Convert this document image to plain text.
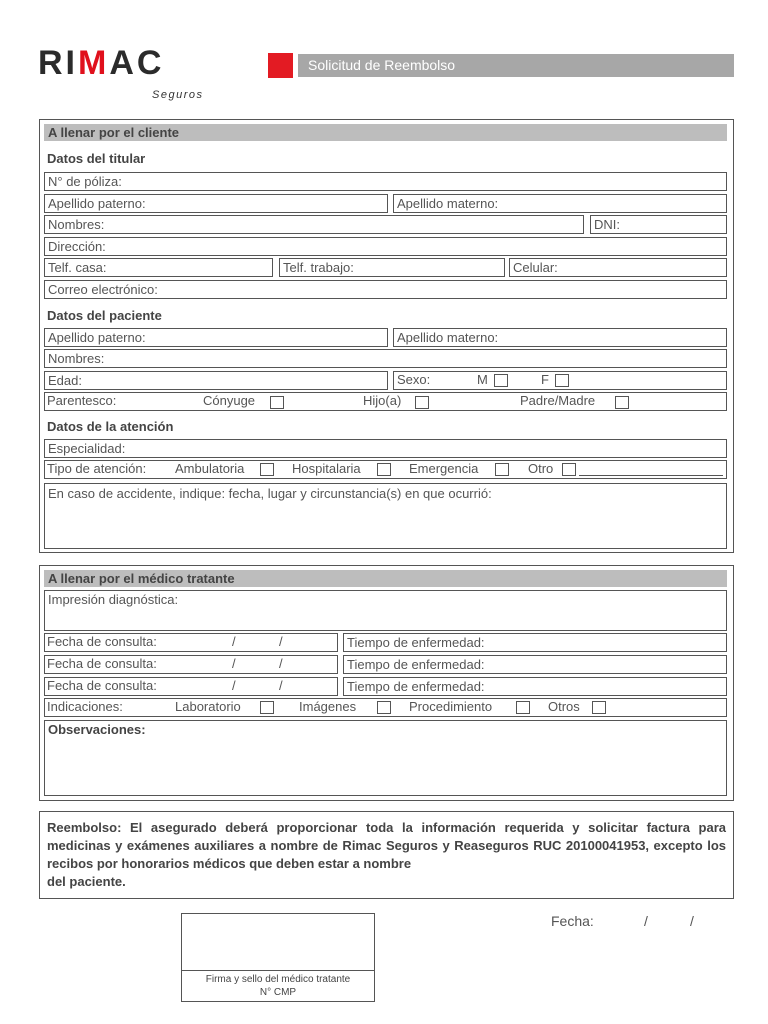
RIMAC
Seguros
Solicitud de Reembolso
A llenar por el cliente
Datos del titular
N° de póliza:
Apellido paterno:	Apellido materno:
Nombres:	DNI:
Dirección:
Telf. casa:	Telf. trabajo:	Celular:
Correo electrónico:
Datos del paciente
Apellido paterno:	Apellido materno:
Nombres:
Edad:	Sexo:	M	F
Parentesco:	Cónyuge	Hijo(a)	Padre/Madre
Datos de la atención
Especialidad:
Tipo de atención: Ambulatoria	Hospitalaria	Emergencia	Otro
En caso de accidente, indique: fecha, lugar y circunstancia(s) en que ocurrió:
A llenar por el médico tratante
Impresión diagnóstica:
Fecha de consulta:	/	/	Tiempo de enfermedad:
Fecha de consulta:	/	/	Tiempo de enfermedad:
Fecha de consulta:	/	/	Tiempo de enfermedad:
Indicaciones:	Laboratorio	Imágenes	Procedimiento	Otros
Observaciones:
Reembolso: El asegurado deberá proporcionar toda la información requerida y solicitar factura para medicinas y exámenes auxiliares a nombre de Rimac Seguros y Reaseguros RUC 20100041953, excepto los recibos por honorarios médicos que deben estar a nombre
del paciente.
Firma y sello del médico tratante
N° CMP
Fecha:	/	/
